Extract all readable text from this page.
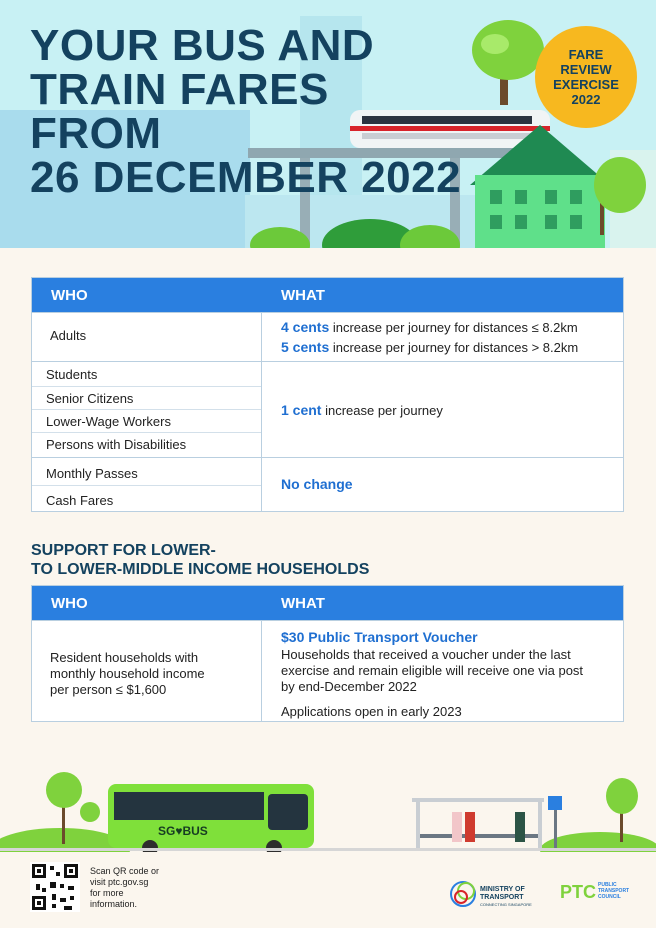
YOUR BUS AND
TRAIN FARES
FROM
26 DECEMBER 2022
FARE
REVIEW
EXERCISE
2022
WHO	WHAT
Adults
4 cents increase per journey for distances ≤ 8.2km
5 cents increase per journey for distances > 8.2km
Students
Senior Citizens
Lower-Wage Workers
Persons with Disabilities
1 cent increase per journey
Monthly Passes
Cash Fares
No change
SUPPORT FOR LOWER-
TO LOWER-MIDDLE INCOME HOUSEHOLDS
WHO	WHAT
Resident households with
monthly household income
per person ≤ $1,600
$30 Public Transport Voucher
Households that received a voucher under the last
exercise and remain eligible will receive one via post
by end-December 2022
Applications open in early 2023
SG♥BUS
Scan QR code or
visit ptc.gov.sg
for more
information.
MINISTRY OF
TRANSPORT
CONNECTING SINGAPORE
PTC PUBLIC
TRANSPORT
COUNCIL
